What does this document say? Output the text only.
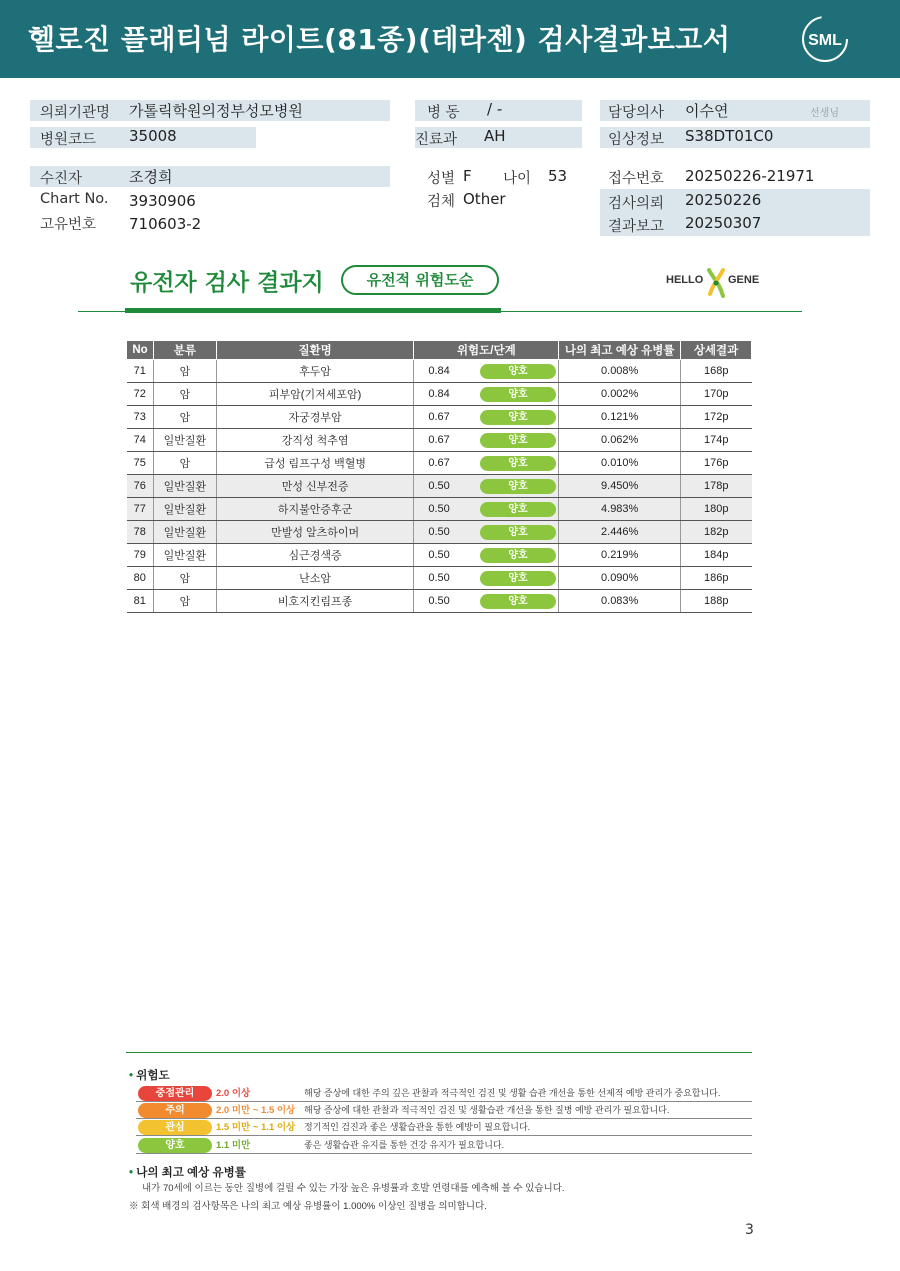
헬로진 플래티넘 라이트(81종)(테라젠) 검사결과보고서	SML
의뢰기관명 가톨릭학원의정부성모병원
병원코드 35008
수진자	조경희
Chart No. 3930906
고유번호 710603-2
병 동 / -
진료과 AH
성별 F 나이 53
검체 Other
담당의사 이수연	선생님
임상정보 S38DT01C0
접수번호 20250226-21971
검사의뢰 20250226
결과보고 20250307
유전자 검사 결과지	유전적 위험도순	HELLO GENE
No	분류	질환명	위험도/단계		나의 최고 예상 유병률	상세결과
71	암	후두암	0.84	양호	0.008%	168p
72	암	피부암(기저세포암)	0.84	양호	0.002%	170p
73	암	자궁경부암	0.67	양호	0.121%	172p
74	일반질환	강직성 척추염	0.67	양호	0.062%	174p
75	암	급성 림프구성 백혈병	0.67	양호	0.010%	176p
76	일반질환	만성 신부전증	0.50	양호	9.450%	178p
77	일반질환	하지불안증후군	0.50	양호	4.983%	180p
78	일반질환	만발성 알츠하이머	0.50	양호	2.446%	182p
79	일반질환	심근경색증	0.50	양호	0.219%	184p
80	암	난소암	0.50	양호	0.090%	186p
81	암	비호지킨림프종	0.50	양호	0.083%	188p
• 위험도
중점관리	2.0 이상	해당 증상에 대한 주의 깊은 관찰과 적극적인 검진 및 생활 습관 개선을 통한 선제적 예방 관리가 중요합니다.
주의	2.0 미만 ~ 1.5 이상 해당 증상에 대한 관찰과 적극적인 검진 및 생활습관 개선을 통한 질병 예방 관리가 필요합니다.
관심	1.5 미만 ~ 1.1 이상 정기적인 검진과 좋은 생활습관을 통한 예방이 필요합니다.
양호	1.1 미만	좋은 생활습관 유지를 통한 건강 유지가 필요합니다.
• 나의 최고 예상 유병률
내가 70세에 이르는 동안 질병에 걸릴 수 있는 가장 높은 유병률과 호발 연령대를 예측해 볼 수 있습니다.
※ 회색 배경의 검사항목은 나의 최고 예상 유병률이 1.000% 이상인 질병을 의미합니다.
3
